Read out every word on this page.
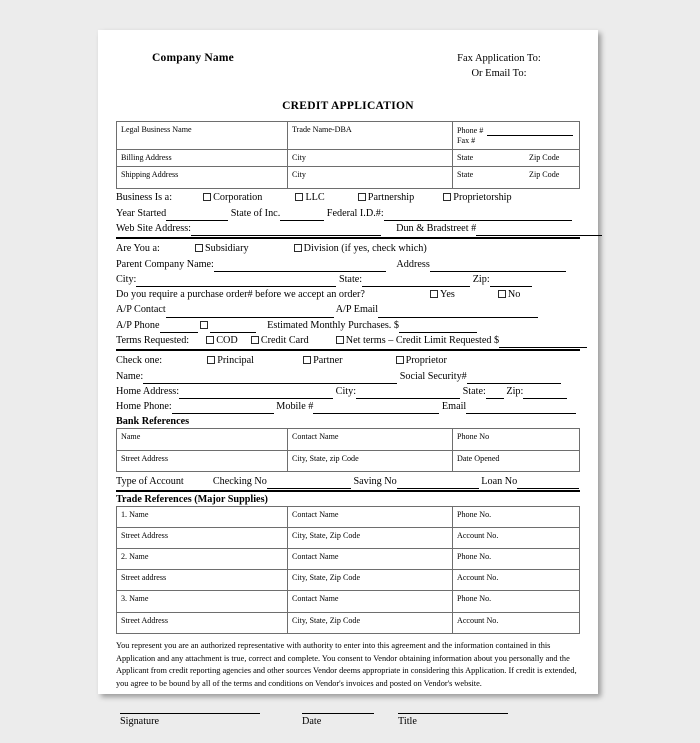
Company Name	Fax Application To:
Or Email To:
CREDIT APPLICATION
Legal Business Name	Trade Name-DBA	Phone #
Fax #
Billing Address	City	State Zip Code

Shipping Address	City	State Zip Code
Business Is a:	Corporation	LLC	Partnership	Proprietorship
Year Started	State of Inc.	Federal I.D.#:
Web Site Address:	Dun & Bradstreet #
Are You a:	Subsidiary	Division (if yes, check which)
Parent Company Name:	Address
City:	State:	Zip:
Do you require a purchase order# before we accept an order?	Yes	No
A/P Contact	A/P Email
A/P Phone	Estimated Monthly Purchases. $
Terms Requested:	COD Credit Card	Net terms – Credit Limit Requested $
Check one:	Principal	Partner	Proprietor
Name:	Social Security#
Home Address:	City:	State: Zip:
Home Phone:	Mobile #	Email
Bank References
Name	Contact Name	Phone No
Street Address	City, State, zip Code	Date Opened
Type of Account	Checking No	Saving No	Loan No
Trade References (Major Supplies)
1. Name	Contact Name	Phone No.
Street Address	City, State, Zip Code	Account No.
2. Name	Contact Name	Phone No.
Street address	City, State, Zip Code	Account No.
3. Name	Contact Name	Phone No.
Street Address	City, State, Zip Code	Account No.
You represent you are an authorized representative with authority to enter into this agreement and the information contained in this Application and any attachment is true, correct and complete. You consent to Vendor obtaining information about you personally and the Applicant from credit reporting agencies and other sources Vendor deems appropriate in considering this Application. If credit is extended, you agree to be bound by all of the terms and conditions on Vendor's invoices and posted on Vendor's website.
Signature	Date	Title
